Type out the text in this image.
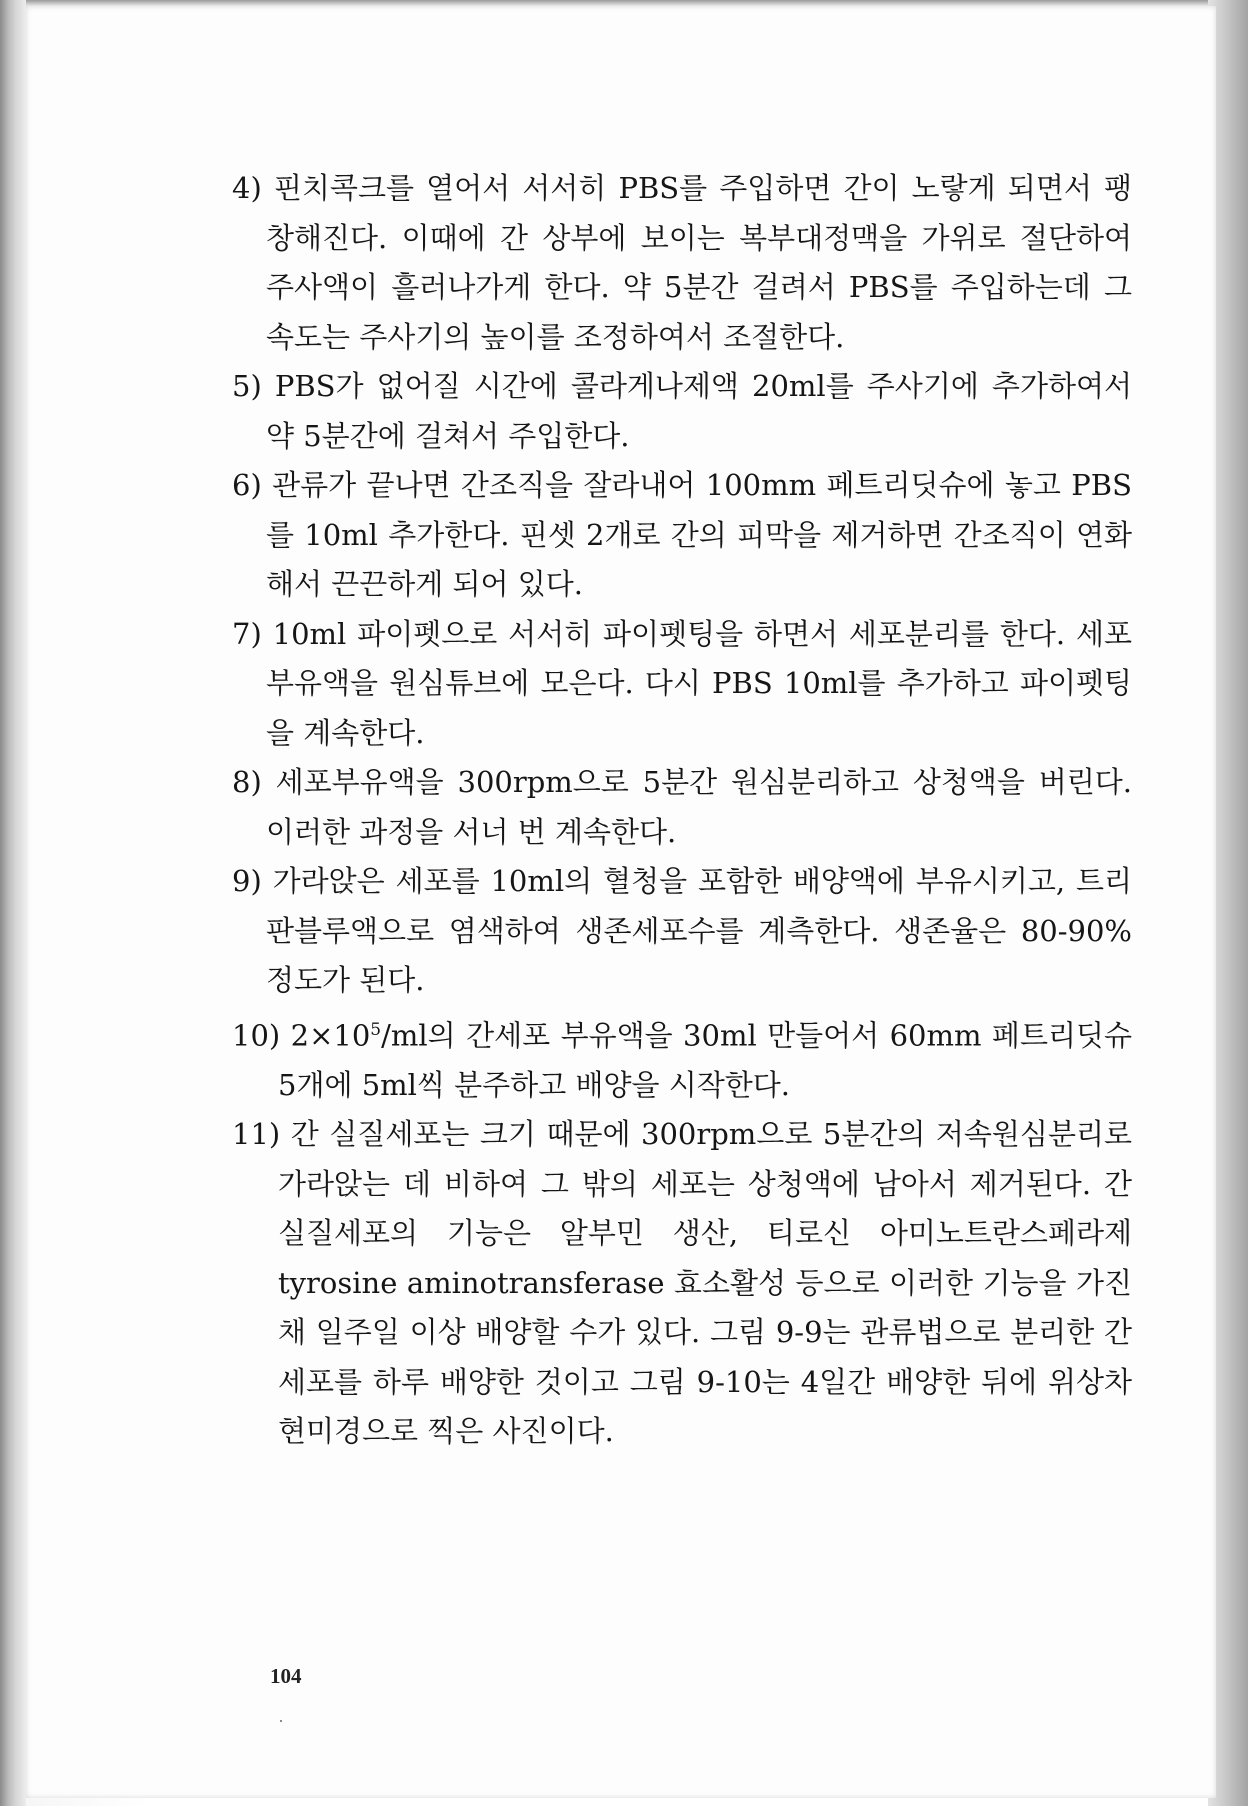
4) 핀치콕크를 열어서 서서히 PBS를 주입하면 간이 노랗게 되면서 팽창해진다. 이때에 간 상부에 보이는 복부대정맥을 가위로 절단하여 주사액이 흘러나가게 한다. 약 5분간 걸려서 PBS를 주입하는데 그 속도는 주사기의 높이를 조정하여서 조절한다.

5) PBS가 없어질 시간에 콜라게나제액 20ml를 주사기에 추가하여서 약 5분간에 걸쳐서 주입한다.

6) 관류가 끝나면 간조직을 잘라내어 100mm 페트리딧슈에 놓고 PBS를 10ml 추가한다. 핀셋 2개로 간의 피막을 제거하면 간조직이 연화해서 끈끈하게 되어 있다.

7) 10ml 파이펫으로 서서히 파이펫팅을 하면서 세포분리를 한다. 세포부유액을 원심튜브에 모은다. 다시 PBS 10ml를 추가하고 파이펫팅을 계속한다.

8) 세포부유액을 300rpm으로 5분간 원심분리하고 상청액을 버린다. 이러한 과정을 서너 번 계속한다.

9) 가라앉은 세포를 10ml의 혈청을 포함한 배양액에 부유시키고, 트리판블루액으로 염색하여 생존세포수를 계측한다. 생존율은 80-90% 정도가 된다.

10) $2\times 10^5/ml$의 간세포 부유액을 30ml 만들어서 60mm 페트리딧슈 5개에 5ml씩 분주하고 배양을 시작한다.

11) 간 실질세포는 크기 때문에 300rpm으로 5분간의 저속원심분리로 가라앉는 데 비하여 그 밖의 세포는 상청액에 남아서 제거된다. 간 실질세포의 기능은 알부민 생산, 티로신 아미노트란스페라제tyrosine aminotransferase 효소활성 등으로 이러한 기능을 가진 채 일주일 이상 배양할 수가 있다. 그림 9-9는 관류법으로 분리한 간세포를 하루 배양한 것이고 그림 9-10는 4일간 배양한 뒤에 위상차현미경으로 찍은 사진이다.

104
